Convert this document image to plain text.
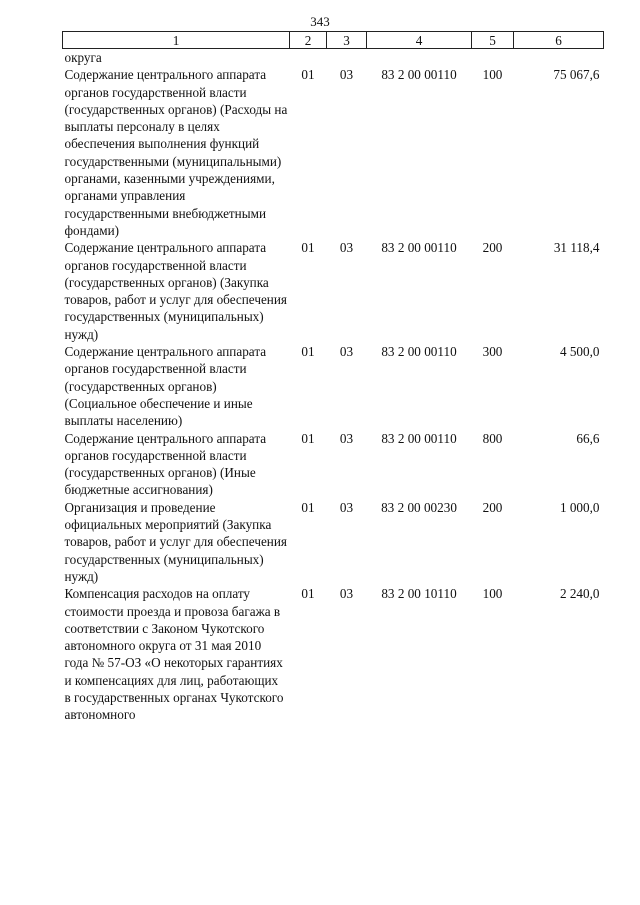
343
1	2	3	4	5	6
округа					
Содержание центрального аппарата органов государственной власти (государственных органов) (Расходы на выплаты персоналу в целях обеспечения выполнения функций государственными (муниципальными) органами, казенными учреждениями, органами управления государственными внебюджетными фондами)	01	03	83 2 00 00110	100	75 067,6
Содержание центрального аппарата органов государственной власти (государственных органов) (Закупка товаров, работ и услуг для обеспечения государственных (муниципальных) нужд)	01	03	83 2 00 00110	200	31 118,4
Содержание центрального аппарата органов государственной власти (государственных органов) (Социальное обеспечение и иные выплаты населению)	01	03	83 2 00 00110	300	4 500,0
Содержание центрального аппарата органов государственной власти (государственных органов) (Иные бюджетные ассигнования)	01	03	83 2 00 00110	800	66,6
Организация и проведение официальных мероприятий (Закупка товаров, работ и услуг для обеспечения государственных (муниципальных) нужд)	01	03	83 2 00 00230	200	1 000,0
Компенсация расходов на оплату стоимости проезда и провоза багажа в соответствии с Законом Чукотского автономного округа от 31 мая 2010 года № 57-ОЗ «О некоторых гарантиях и компенсациях для лиц, работающих в государственных органах Чукотского автономного	01	03	83 2 00 10110	100	2 240,0
